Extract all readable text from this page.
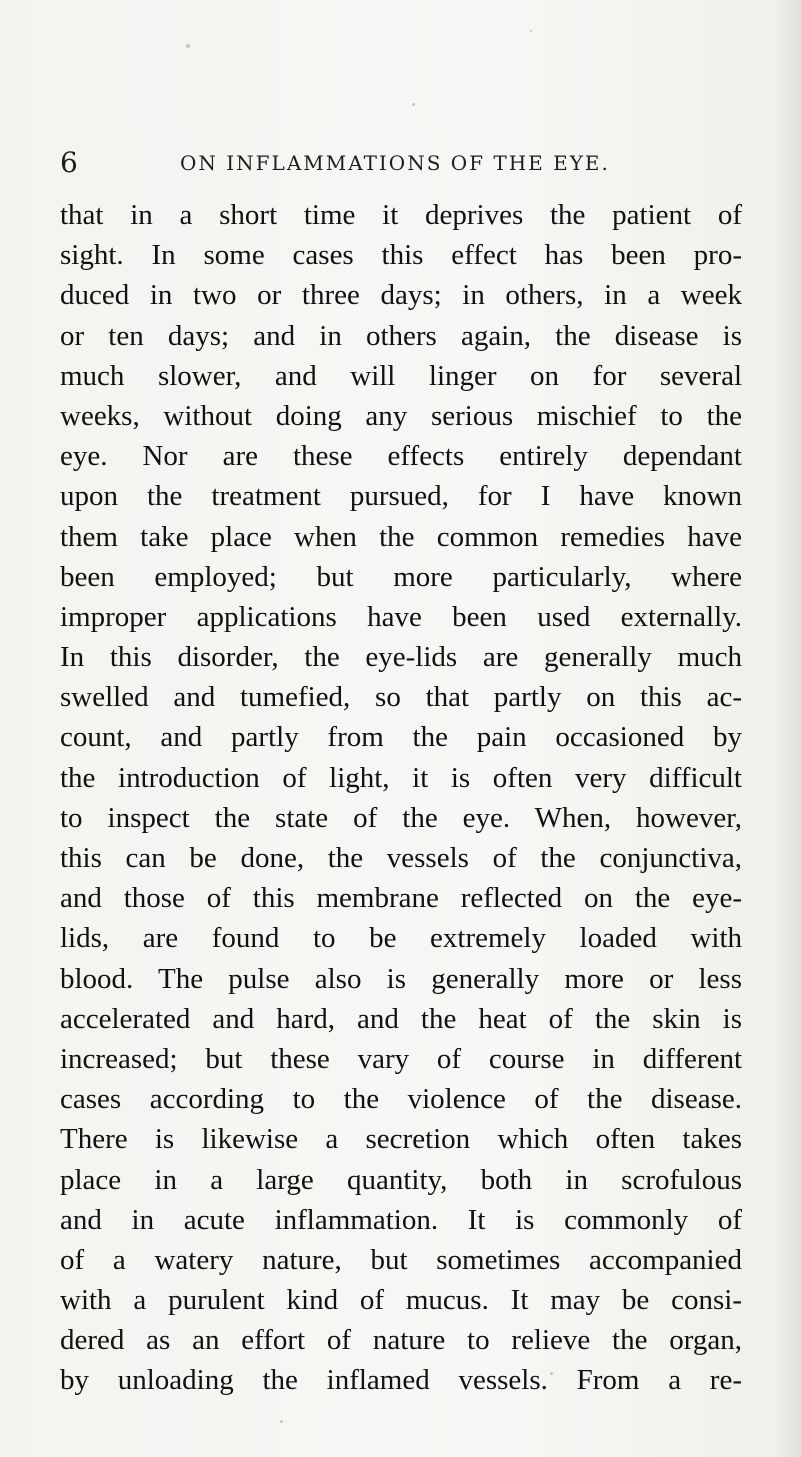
6	ON INFLAMMATIONS OF THE EYE.
that in a short time it deprives the patient of
sight. In some cases this effect has been pro-
duced in two or three days; in others, in a week
or ten days; and in others again, the disease is
much slower, and will linger on for several
weeks, without doing any serious mischief to the
eye. Nor are these effects entirely dependant
upon the treatment pursued, for I have known
them take place when the common remedies have
been employed; but more particularly, where
improper applications have been used externally.
In this disorder, the eye-lids are generally much
swelled and tumefied, so that partly on this ac-
count, and partly from the pain occasioned by
the introduction of light, it is often very difficult
to inspect the state of the eye. When, however,
this can be done, the vessels of the conjunctiva,
and those of this membrane reflected on the eye-
lids, are found to be extremely loaded with
blood. The pulse also is generally more or less
accelerated and hard, and the heat of the skin is
increased; but these vary of course in different
cases according to the violence of the disease.
There is likewise a secretion which often takes
place in a large quantity, both in scrofulous
and in acute inflammation. It is commonly of
of a watery nature, but sometimes accompanied
with a purulent kind of mucus. It may be consi-
dered as an effort of nature to relieve the organ,
by unloading the inflamed vessels. From a re-
